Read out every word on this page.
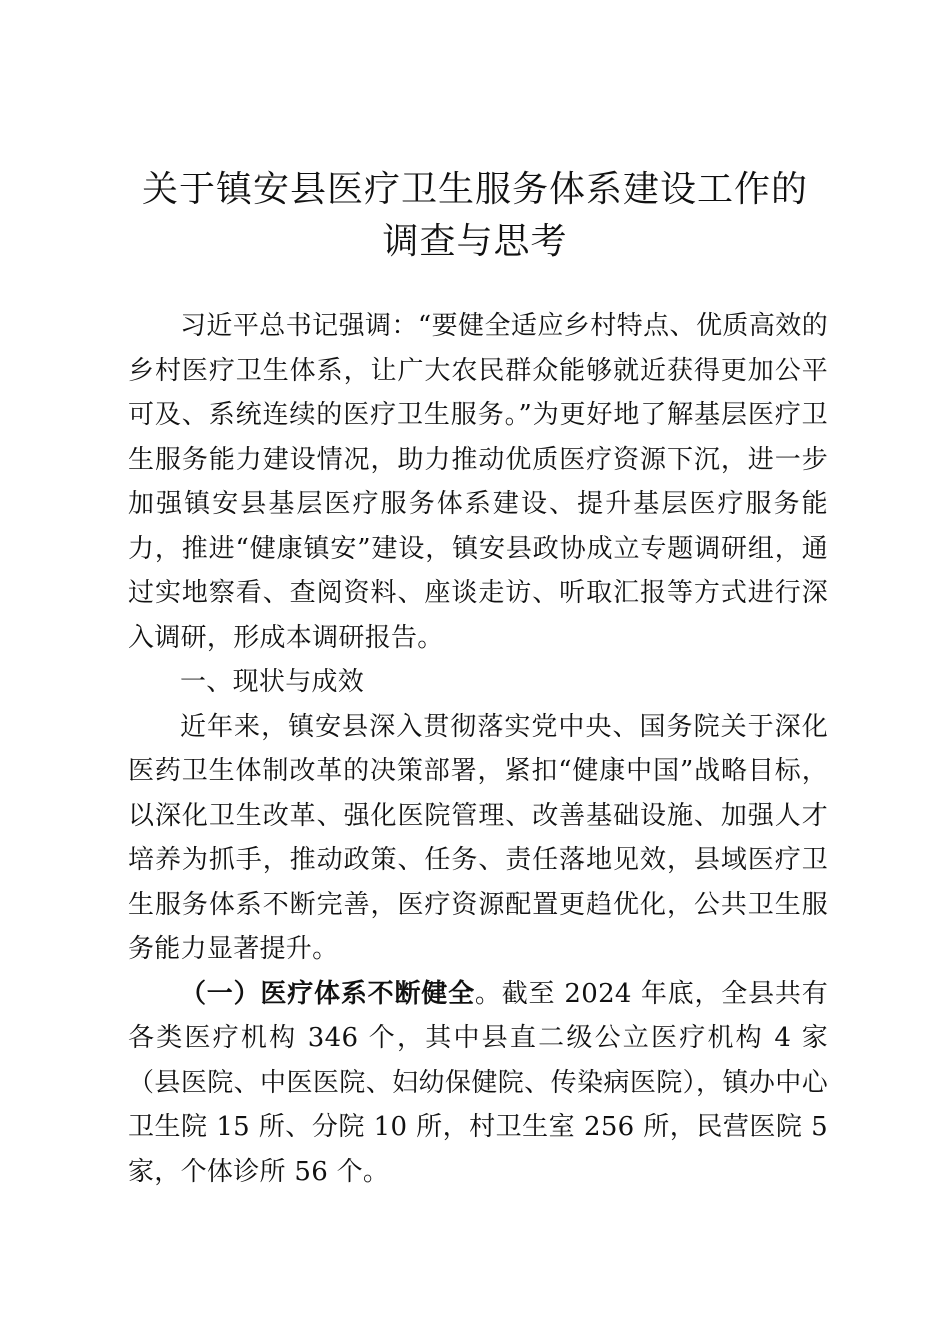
关于镇安县医疗卫生服务体系建设工作的
调查与思考

习近平总书记强调：“要健全适应乡村特点、优质高效的乡村医疗卫生体系，让广大农民群众能够就近获得更加公平可及、系统连续的医疗卫生服务。”为更好地了解基层医疗卫生服务能力建设情况，助力推动优质医疗资源下沉，进一步加强镇安县基层医疗服务体系建设、提升基层医疗服务能力，推进“健康镇安”建设，镇安县政协成立专题调研组，通过实地察看、查阅资料、座谈走访、听取汇报等方式进行深入调研，形成本调研报告。

一、现状与成效

近年来，镇安县深入贯彻落实党中央、国务院关于深化医药卫生体制改革的决策部署，紧扣“健康中国”战略目标，以深化卫生改革、强化医院管理、改善基础设施、加强人才培养为抓手，推动政策、任务、责任落地见效，县域医疗卫生服务体系不断完善，医疗资源配置更趋优化，公共卫生服务能力显著提升。

（一）医疗体系不断健全。截至 2024 年底，全县共有各类医疗机构 346 个，其中县直二级公立医疗机构 4 家（县医院、中医医院、妇幼保健院、传染病医院），镇办中心卫生院 15 所、分院 10 所，村卫生室 256 所，民营医院 5 家，个体诊所 56 个。
